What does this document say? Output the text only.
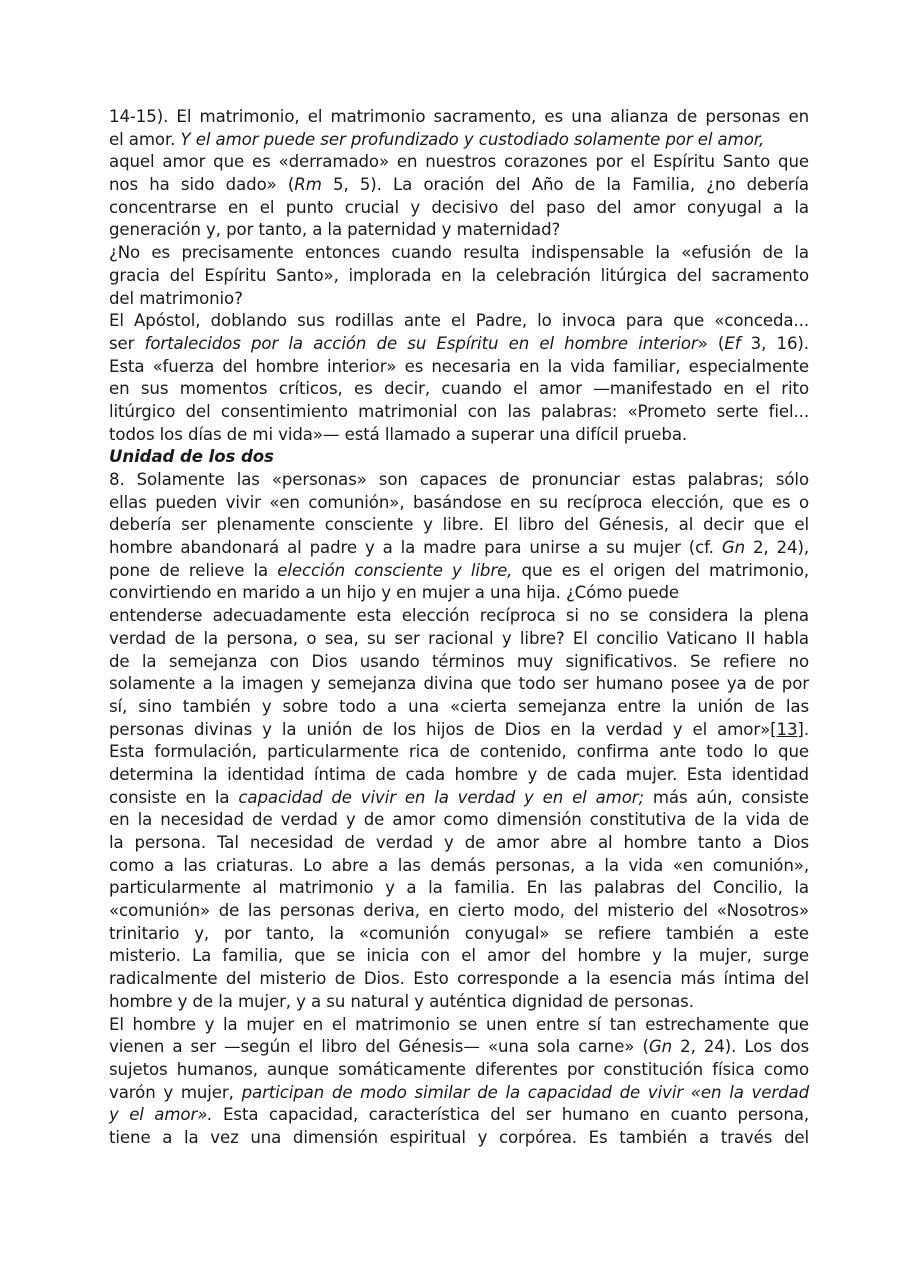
14-15). El matrimonio, el matrimonio sacramento, es una alianza de personas en
el amor. Y el amor puede ser profundizado y custodiado solamente por el amor,
aquel amor que es «derramado» en nuestros corazones por el Espíritu Santo que
nos ha sido dado» (Rm 5, 5). La oración del Año de la Familia, ¿no debería
concentrarse en el punto crucial y decisivo del paso del amor conyugal a la
generación y, por tanto, a la paternidad y maternidad?
¿No es precisamente entonces cuando resulta indispensable la «efusión de la
gracia del Espíritu Santo», implorada en la celebración litúrgica del sacramento
del matrimonio?
El Apóstol, doblando sus rodillas ante el Padre, lo invoca para que «conceda...
ser fortalecidos por la acción de su Espíritu en el hombre interior» (Ef 3, 16).
Esta «fuerza del hombre interior» es necesaria en la vida familiar, especialmente
en sus momentos críticos, es decir, cuando el amor —manifestado en el rito
litúrgico del consentimiento matrimonial con las palabras: «Prometo serte fiel...
todos los días de mi vida»— está llamado a superar una difícil prueba.
Unidad de los dos
8. Solamente las «personas» son capaces de pronunciar estas palabras; sólo
ellas pueden vivir «en comunión», basándose en su recíproca elección, que es o
debería ser plenamente consciente y libre. El libro del Génesis, al decir que el
hombre abandonará al padre y a la madre para unirse a su mujer (cf. Gn 2, 24),
pone de relieve la elección consciente y libre, que es el origen del matrimonio,
convirtiendo en marido a un hijo y en mujer a una hija. ¿Cómo puede
entenderse adecuadamente esta elección recíproca si no se considera la plena
verdad de la persona, o sea, su ser racional y libre? El concilio Vaticano II habla
de la semejanza con Dios usando términos muy significativos. Se refiere no
solamente a la imagen y semejanza divina que todo ser humano posee ya de por
sí, sino también y sobre todo a una «cierta semejanza entre la unión de las
personas divinas y la unión de los hijos de Dios en la verdad y el amor»[13].
Esta formulación, particularmente rica de contenido, confirma ante todo lo que
determina la identidad íntima de cada hombre y de cada mujer. Esta identidad
consiste en la capacidad de vivir en la verdad y en el amor; más aún, consiste
en la necesidad de verdad y de amor como dimensión constitutiva de la vida de
la persona. Tal necesidad de verdad y de amor abre al hombre tanto a Dios
como a las criaturas. Lo abre a las demás personas, a la vida «en comunión»,
particularmente al matrimonio y a la familia. En las palabras del Concilio, la
«comunión» de las personas deriva, en cierto modo, del misterio del «Nosotros»
trinitario y, por tanto, la «comunión conyugal» se refiere también a este
misterio. La familia, que se inicia con el amor del hombre y la mujer, surge
radicalmente del misterio de Dios. Esto corresponde a la esencia más íntima del
hombre y de la mujer, y a su natural y auténtica dignidad de personas.
El hombre y la mujer en el matrimonio se unen entre sí tan estrechamente que
vienen a ser —según el libro del Génesis— «una sola carne» (Gn 2, 24). Los dos
sujetos humanos, aunque somáticamente diferentes por constitución física como
varón y mujer, participan de modo similar de la capacidad de vivir «en la verdad
y el amor». Esta capacidad, característica del ser humano en cuanto persona,
tiene a la vez una dimensión espiritual y corpórea. Es también a través del
